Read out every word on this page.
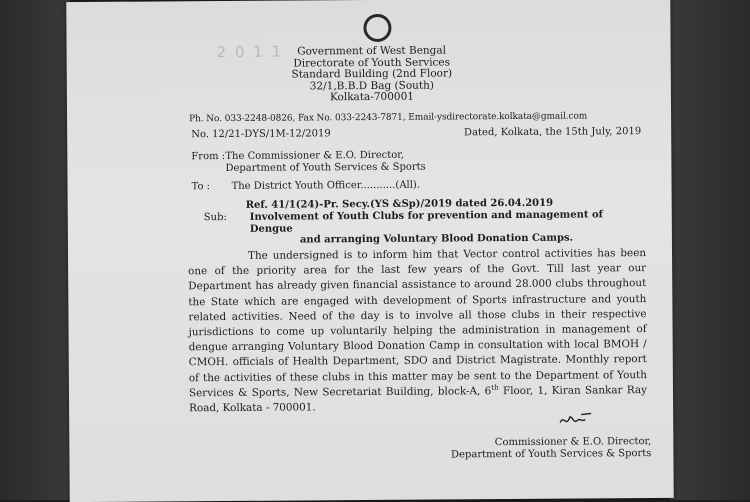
2 0 1 1	Government of West Bengal
Directorate of Youth Services
Standard Building (2nd Floor)
32/1,B.B.D Bag (South)
Kolkata-700001
Ph. No. 033-2248-0826, Fax No. 033-2243-7871, Email-ysdirectorate.kolkata@gmail.com
No. 12/21-DYS/1M-12/2019	Dated, Kolkata, the 15th July, 2019
From : The Commissioner & E.O. Director,
Department of Youth Services & Sports
To : The District Youth Officer...........(All).
Ref. 41/1(24)-Pr. Secy.(YS &Sp)/2019 dated 26.04.2019
Sub: Involvement of Youth Clubs for prevention and management of Dengue
and arranging Voluntary Blood Donation Camps.
The undersigned is to inform him that Vector control activities has been one of the priority area for the last few years of the Govt. Till last year our Department has already given financial assistance to around 28.000 clubs throughout the State which are engaged with development of Sports infrastructure and youth related activities. Need of the day is to involve all those clubs in their respective jurisdictions to come up voluntarily helping the administration in management of dengue arranging Voluntary Blood Donation Camp in consultation with local BMOH / CMOH. officials of Health Department, SDO and District Magistrate. Monthly report of the activities of these clubs in this matter may be sent to the Department of Youth Services & Sports, New Secretariat Building, block-A, 6th Floor, 1, Kiran Sankar Ray Road, Kolkata - 700001.
Commissioner & E.O. Director,
Department of Youth Services & Sports
